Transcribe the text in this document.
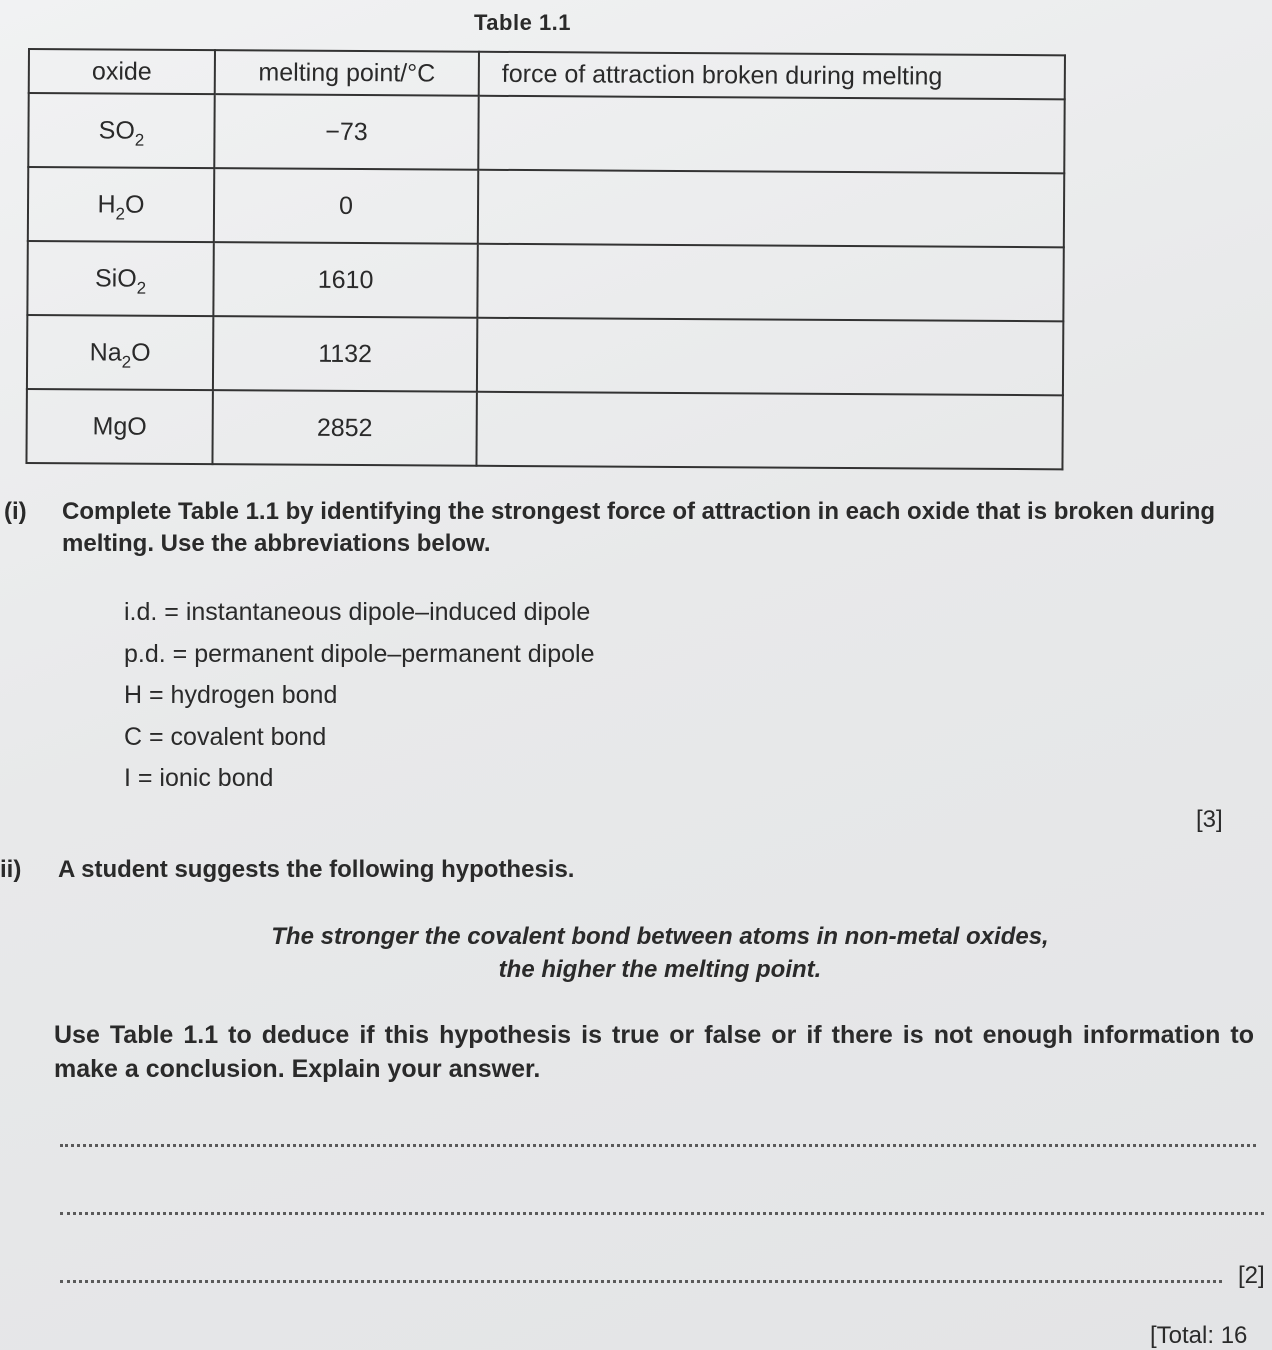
Table 1.1
oxide	melting point/°C	force of attraction broken during melting
$SO_2$	−73	
$H_2O$	0	
SiO$_2$	1610	
$Na_2O$	1132	
MgO	2852	
(i) Complete Table 1.1 by identifying the strongest force of attraction in each oxide that is broken during melting. Use the abbreviations below.
i.d. = instantaneous dipole–induced dipole
p.d. = permanent dipole–permanent dipole
H = hydrogen bond
C = covalent bond
I = ionic bond
[3]
ii) A student suggests the following hypothesis.
The stronger the covalent bond between atoms in non-metal oxides,
the higher the melting point.
Use Table 1.1 to deduce if this hypothesis is true or false or if there is not enough information to make a conclusion. Explain your answer.
[2]
[Total: 16
